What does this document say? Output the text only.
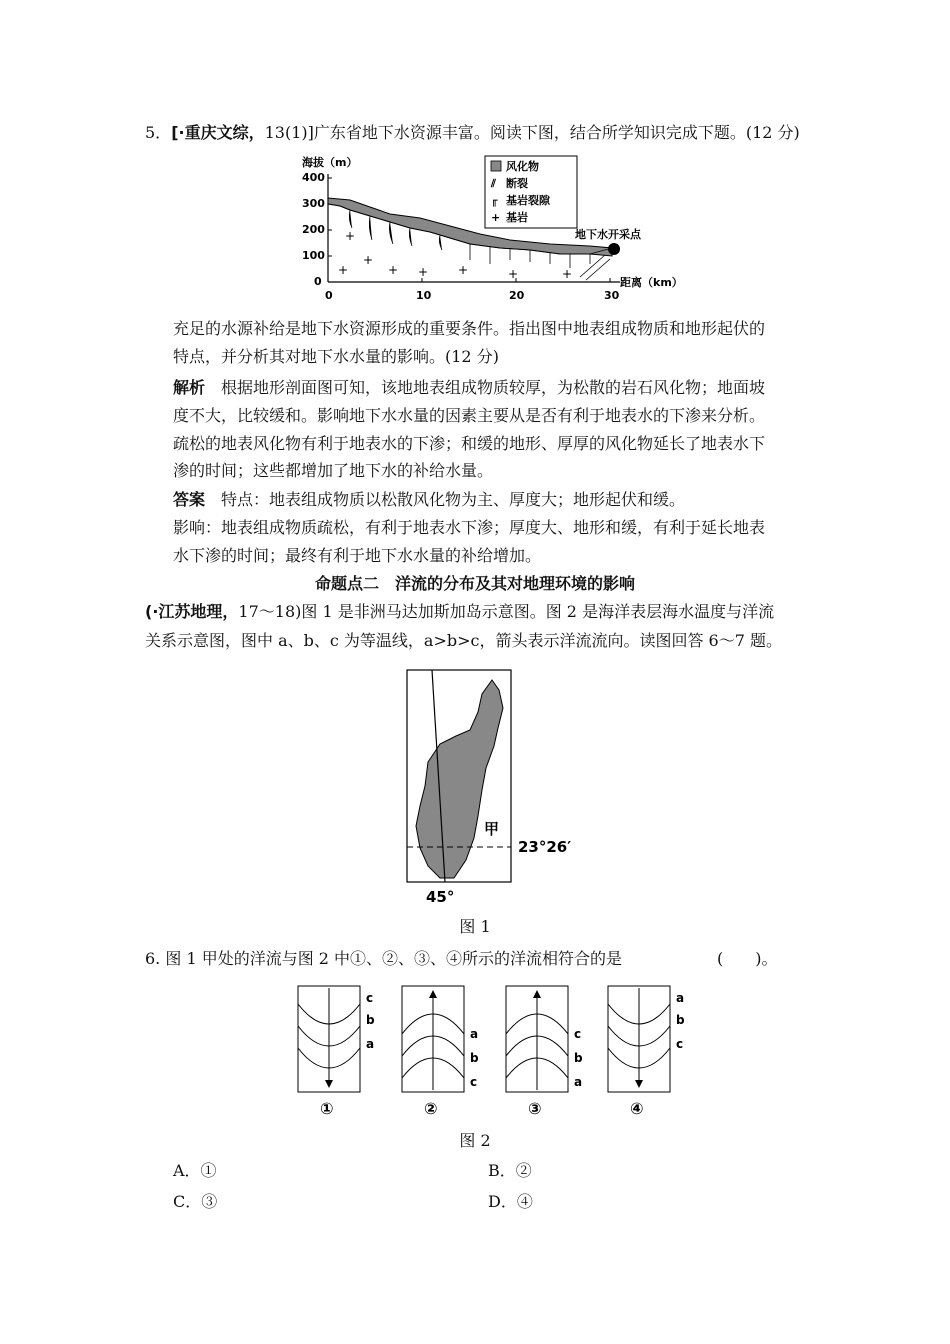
5．[·重庆文综，13(1)]广东省地下水资源丰富。阅读下图，结合所学知识完成下题。(12 分)
海拔（m）
400
300
200
100
0
0	10	20	30
距离（km）
+
+
+
+ + +	+	+
地下水开采点
风化物
⫽ 断裂
╓ 基岩裂隙
+ 基岩
充足的水源补给是地下水资源形成的重要条件。指出图中地表组成物质和地形起伏的
特点，并分析其对地下水水量的影响。(12 分)
解析　 根据地形剖面图可知，该地地表组成物质较厚，为松散的岩石风化物；地面坡
度不大，比较缓和。影响地下水水量的因素主要从是否有利于地表水的下渗来分析。
疏松的地表风化物有利于地表水的下渗；和缓的地形、厚厚的风化物延长了地表水下
渗的时间；这些都增加了地下水的补给水量。
答案　 特点：地表组成物质以松散风化物为主、厚度大；地形起伏和缓。
影响：地表组成物质疏松，有利于地表水下渗；厚度大、地形和缓，有利于延长地表
水下渗的时间；最终有利于地下水水量的补给增加。
命题点二　洋流的分布及其对地理环境的影响
(·江苏地理，17～18)图 1 是非洲马达加斯加岛示意图。图 2 是海洋表层海水温度与洋流
关系示意图，图中 a、b、c 为等温线，a>b>c，箭头表示洋流流向。读图回答 6～7 题。
甲
23°26′
45°
图 1
6. 图 1 甲处的洋流与图 2 中①、②、③、④所示的洋流相符合的是	(　　)。
c
b
a
①
a
b
c
②
c
b
a
③
a
b
c
④
图 2
A．①	B．②
C．③	D．④
